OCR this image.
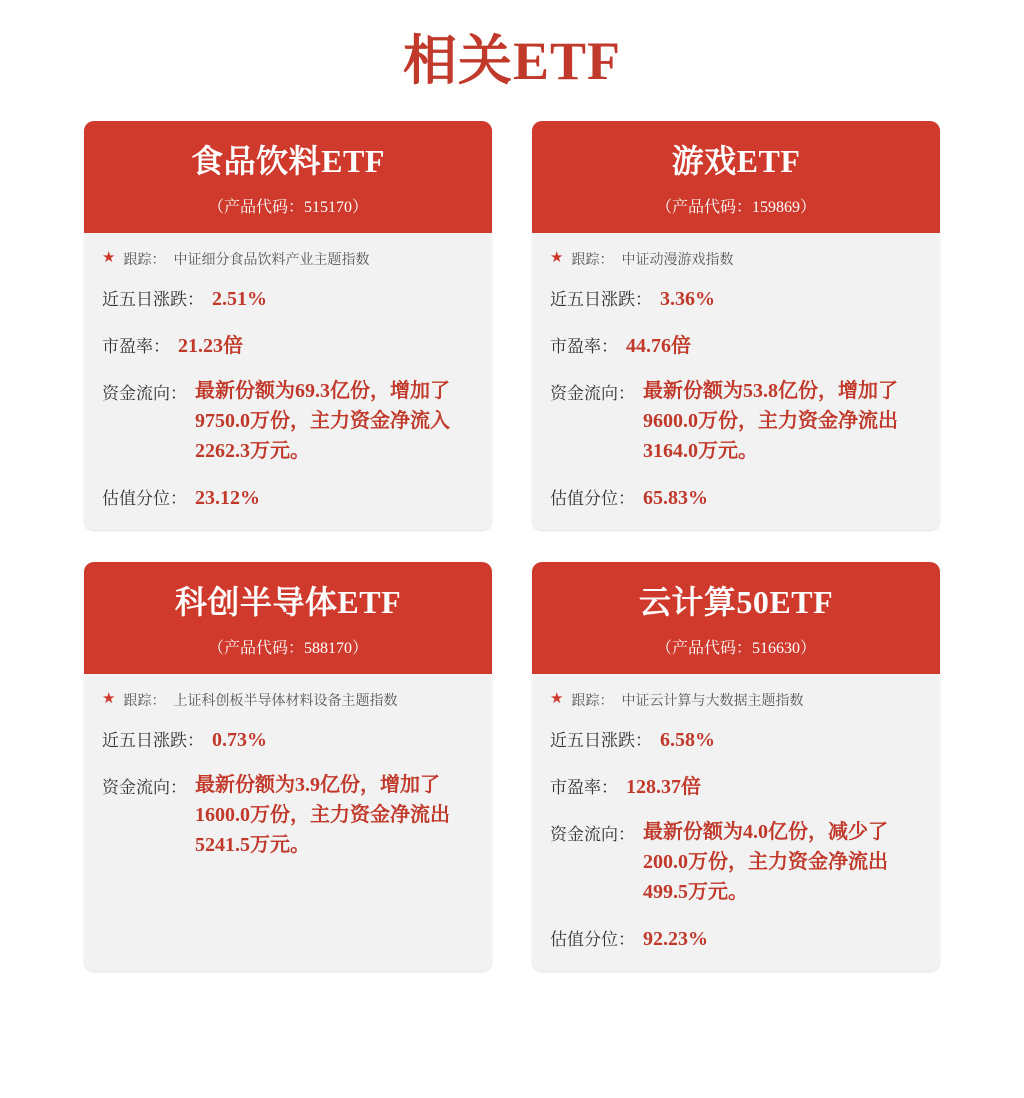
相关ETF
食品饮料ETF
（产品代码：515170）
★ 跟踪： 中证细分食品饮料产业主题指数
近五日涨跌： 2.51%
市盈率： 21.23倍
资金流向： 最新份额为69.3亿份，增加了9750.0万份，主力资金净流入2262.3万元。
估值分位： 23.12%
游戏ETF
（产品代码：159869）
★ 跟踪： 中证动漫游戏指数
近五日涨跌： 3.36%
市盈率： 44.76倍
资金流向： 最新份额为53.8亿份，增加了9600.0万份，主力资金净流出3164.0万元。
估值分位： 65.83%
科创半导体ETF
（产品代码：588170）
★ 跟踪： 上证科创板半导体材料设备主题指数
近五日涨跌： 0.73%
资金流向： 最新份额为3.9亿份，增加了1600.0万份，主力资金净流出5241.5万元。
云计算50ETF
（产品代码：516630）
★ 跟踪： 中证云计算与大数据主题指数
近五日涨跌： 6.58%
市盈率： 128.37倍
资金流向： 最新份额为4.0亿份，减少了200.0万份，主力资金净流出499.5万元。
估值分位： 92.23%
